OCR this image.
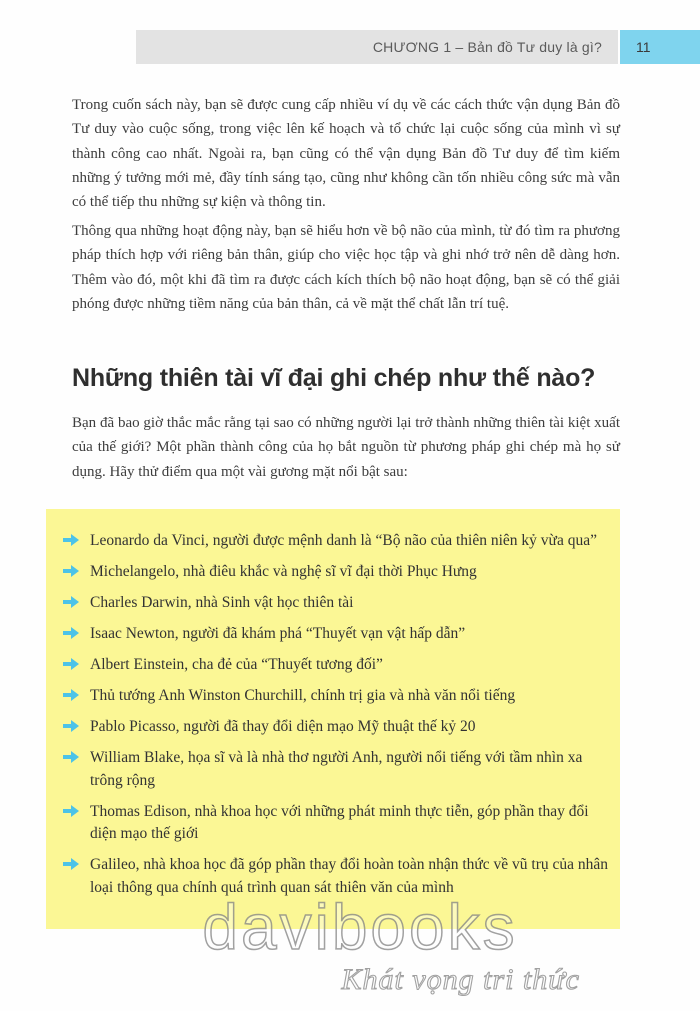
CHƯƠNG 1 – Bản đồ Tư duy là gì? 11

Trong cuốn sách này, bạn sẽ được cung cấp nhiều ví dụ về các cách thức vận dụng Bản đồ Tư duy vào cuộc sống, trong việc lên kế hoạch và tổ chức lại cuộc sống của mình vì sự thành công cao nhất. Ngoài ra, bạn cũng có thể vận dụng Bản đồ Tư duy để tìm kiếm những ý tưởng mới mẻ, đầy tính sáng tạo, cũng như không cần tốn nhiều công sức mà vẫn có thể tiếp thu những sự kiện và thông tin.

Thông qua những hoạt động này, bạn sẽ hiểu hơn về bộ não của mình, từ đó tìm ra phương pháp thích hợp với riêng bản thân, giúp cho việc học tập và ghi nhớ trở nên dễ dàng hơn. Thêm vào đó, một khi đã tìm ra được cách kích thích bộ não hoạt động, bạn sẽ có thể giải phóng được những tiềm năng của bản thân, cả về mặt thể chất lẫn trí tuệ.

Những thiên tài vĩ đại ghi chép như thế nào?

Bạn đã bao giờ thắc mắc rằng tại sao có những người lại trở thành những thiên tài kiệt xuất của thế giới? Một phần thành công của họ bắt nguồn từ phương pháp ghi chép mà họ sử dụng. Hãy thử điểm qua một vài gương mặt nổi bật sau:

Leonardo da Vinci, người được mệnh danh là “Bộ não của thiên niên kỷ vừa qua”
Michelangelo, nhà điêu khắc và nghệ sĩ vĩ đại thời Phục Hưng
Charles Darwin, nhà Sinh vật học thiên tài
Isaac Newton, người đã khám phá “Thuyết vạn vật hấp dẫn”
Albert Einstein, cha đẻ của “Thuyết tương đối”
Thủ tướng Anh Winston Churchill, chính trị gia và nhà văn nổi tiếng
Pablo Picasso, người đã thay đổi diện mạo Mỹ thuật thế kỷ 20
William Blake, họa sĩ và là nhà thơ người Anh, người nổi tiếng với tầm nhìn xa trông rộng
Thomas Edison, nhà khoa học với những phát minh thực tiễn, góp phần thay đổi diện mạo thế giới
Galileo, nhà khoa học đã góp phần thay đổi hoàn toàn nhận thức về vũ trụ của nhân loại thông qua chính quá trình quan sát thiên văn của mình
davibooks
Khát vọng tri thức
